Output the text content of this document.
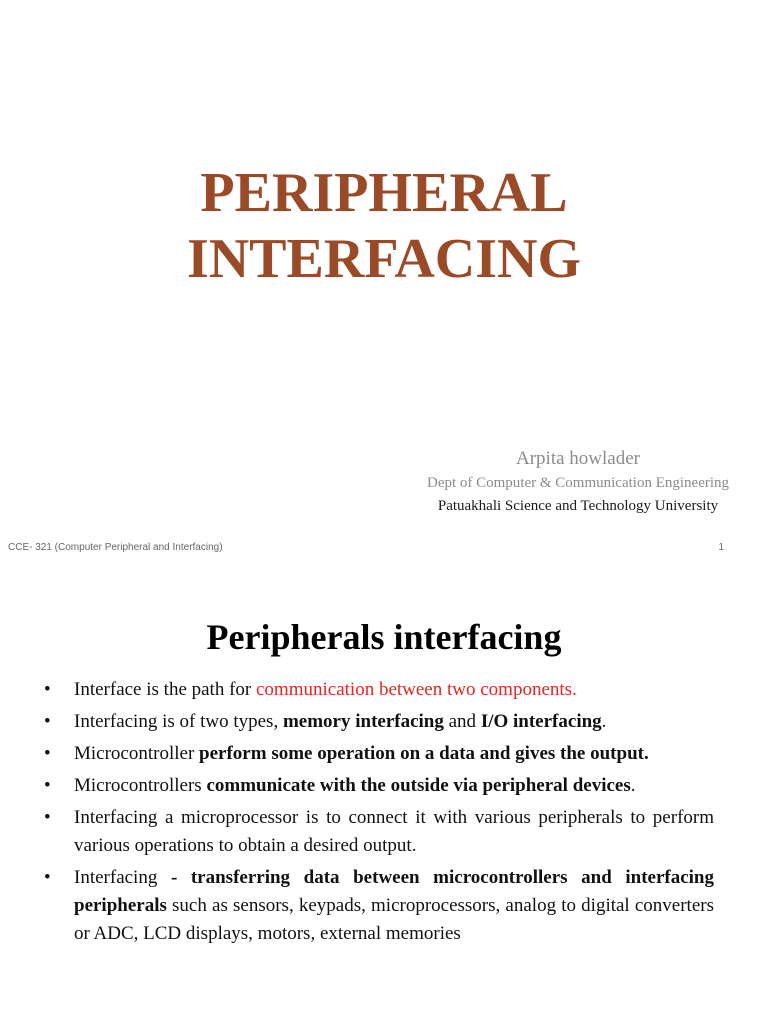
PERIPHERAL
INTERFACING
Arpita howlader
Dept of Computer & Communication Engineering
Patuakhali Science and Technology University
CCE- 321 (Computer Peripheral and Interfacing)	1
Peripherals interfacing
• Interface is the path for communication between two components.
• Interfacing is of two types, memory interfacing and I/O interfacing.
• Microcontroller perform some operation on a data and gives the output.
• Microcontrollers communicate with the outside via peripheral devices.
• Interfacing a microprocessor is to connect it with various peripherals to perform various operations to obtain a desired output.
• Interfacing - transferring data between microcontrollers and interfacing peripherals such as sensors, keypads, microprocessors, analog to digital converters or ADC, LCD displays, motors, external memories
